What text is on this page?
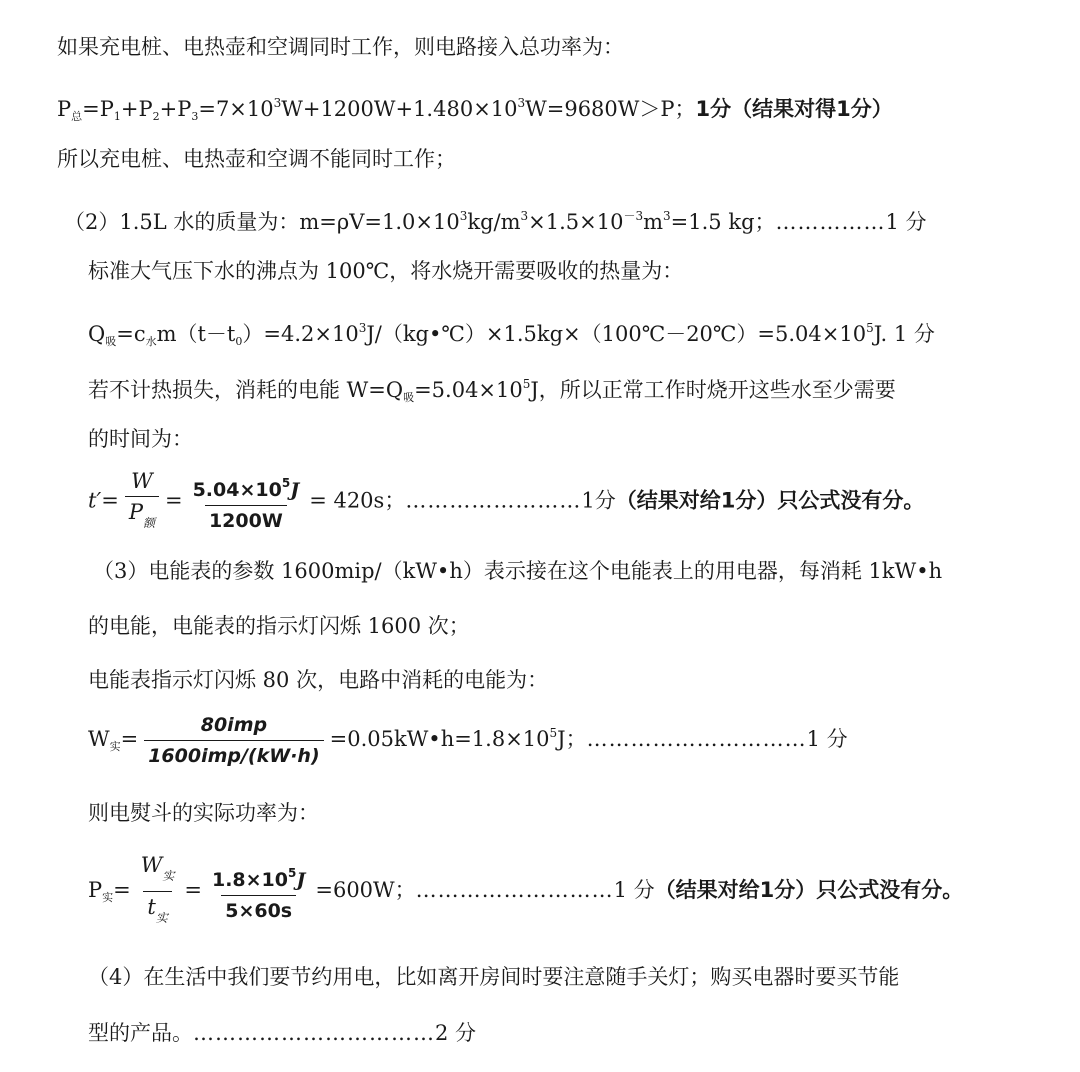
如果充电桩、电热壶和空调同时工作，则电路接入总功率为：
$P_总=P_1+P_2+P_3=7\times 10^3W+1200W+1.480\times 10^3W=9680W>P$；1分（结果对得1分）
所以充电桩、电热壶和空调不能同时工作；
（2）1.5L 水的质量为：$m=\rho V=1.0\times 10^3kg/m^3\times 1.5\times 10^{-3}m^3=1.5$ kg；……………1 分
标准大气压下水的沸点为 100℃，将水烧开需要吸收的热量为：
$Q_吸=c_水m(t-t_0)=4.2\times 10^3J/(kg•℃)\times 1.5kg\times(100℃-20℃)=5.04\times 10^5J$. 1 分
若不计热损失，消耗的电能 $W=Q_吸=5.04\times 10^5J$，所以正常工作时烧开这些水至少需要
的时间为：
$t'= \frac{W}{P_额} = \frac{5.04\times 10^5J}{1200W} = 420s$；……………………1分（结果对给1分）只公式没有分。
（3）电能表的参数 1600mip/（kW•h）表示接在这个电能表上的用电器，每消耗 1kW•h
的电能，电能表的指示灯闪烁 1600 次；
电能表指示灯闪烁 80 次，电路中消耗的电能为：
$W_实= \frac{\text{80imp}}{\text{1600imp/(kW·h)}}$ $=0.05kW•h=1.8\times 10^5J$；…………………………1 分
则电熨斗的实际功率为：
$P_实= \frac{W_实}{t_实} = \frac{1.8\times 10^5J}{5\times 60s} =600W$；………………………1 分（结果对给1分）只公式没有分。
（4）在生活中我们要节约用电，比如离开房间时要注意随手关灯；购买电器时要买节能
型的产品。……………………………2 分
